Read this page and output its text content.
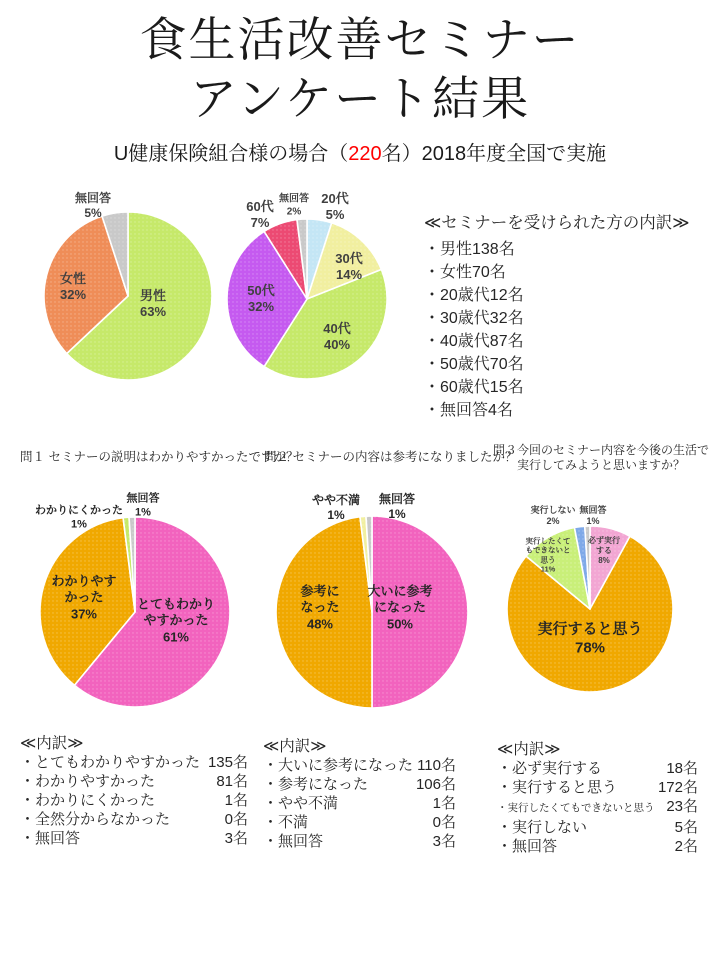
食生活改善セミナー
アンケート結果
U健康保険組合様の場合（220名）2018年度全国で実施
男性
63%
女性
32%
無回答
5%
20代
5%
30代
14%
40代
40%
50代
32%
60代
7%
無回答
2%
≪セミナーを受けられた方の内訳≫
・男性138名
・女性70名
・20歳代12名
・30歳代32名
・40歳代87名
・50歳代70名
・60歳代15名
・無回答4名
問１ セミナーの説明はわかりやすかったですか？
問２ セミナーの内容は参考になりましたか？
問３今回のセミナー内容を今後の生活で
実行してみようと思いますか？
とてもわかり
やすかった
61%
わかりやす
かった
37%
わかりにくかった
1%
無回答
1%
大いに参考
になった
50%
参考に
なった
48%
やや不満
1%
無回答
1%
必ず実行
する
8%
実行すると思う
78%
実行したくて
もできないと
思う
11%
実行しない
2%
無回答
1%
≪内訳≫
・とてもわかりやすかった 135名
・わかりやすかった	81名
・わかりにくかった	1名
・全然分からなかった	0名
・無回答	3名
≪内訳≫
・大いに参考になった 110名
・参考になった	106名
・やや不満	1名
・不満	0名
・無回答	3名
≪内訳≫
・必ず実行する	18名
・実行すると思う	172名
・実行したくてもできないと思う 23名
・実行しない	5名
・無回答	2名
